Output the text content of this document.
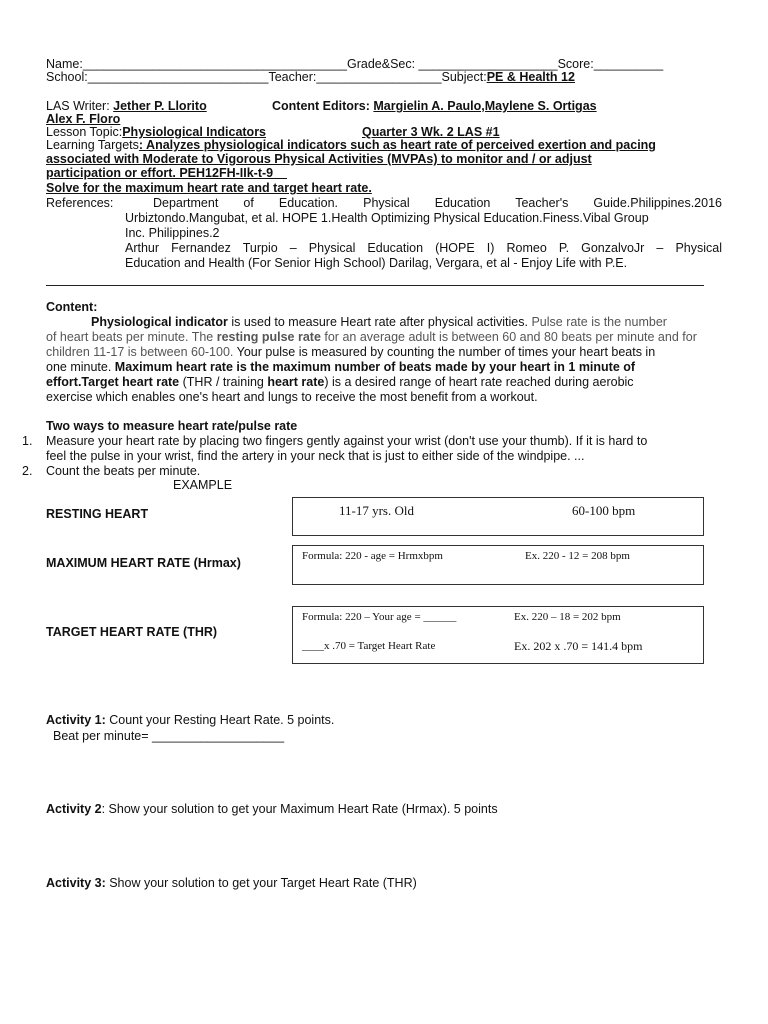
Name:______________________________________Grade&Sec: ____________________Score:__________
School:__________________________Teacher:__________________Subject:PE & Health 12
LAS Writer: Jether P. Llorito	Content Editors: Margielin A. Paulo,Maylene S. Ortigas
Alex F. Floro
Lesson Topic:Physiological Indicators	Quarter 3 Wk. 2 LAS #1
Learning Targets: Analyzes physiological indicators such as heart rate of perceived exertion and pacing
associated with Moderate to Vigorous Physical Activities (MVPAs) to monitor and / or adjust
participation or effort. PEH12FH-IIk-t-9
Solve for the maximum heart rate and target heart rate.
References:	Department of Education. Physical Education Teacher's Guide.Philippines.2016
Urbiztondo.Mangubat, et al. HOPE 1.Health Optimizing Physical Education.Finess.Vibal Group
Inc. Philippines.2
Arthur Fernandez Turpio – Physical Education (HOPE I) Romeo P. GonzalvoJr – Physical
Education and Health (For Senior High School) Darilag, Vergara, et al - Enjoy Life with P.E.
Content:
Physiological indicator is used to measure Heart rate after physical activities. Pulse rate is the number
of heart beats per minute. The resting pulse rate for an average adult is between 60 and 80 beats per minute and for
children 11-17 is between 60-100. Your pulse is measured by counting the number of times your heart beats in
one minute. Maximum heart rate is the maximum number of beats made by your heart in 1 minute of
effort.Target heart rate (THR / training heart rate) is a desired range of heart rate reached during aerobic
exercise which enables one's heart and lungs to receive the most benefit from a workout.
Two ways to measure heart rate/pulse rate
1. Measure your heart rate by placing two fingers gently against your wrist (don't use your thumb). If it is hard to
feel the pulse in your wrist, find the artery in your neck that is just to either side of the windpipe. ...
2. Count the beats per minute.
EXAMPLE
RESTING HEART	11-17 yrs. Old	60-100 bpm
MAXIMUM HEART RATE (Hrmax)	Formula: 220 - age = Hrmxbpm	Ex. 220 - 12 = 208 bpm
TARGET HEART RATE (THR)
Formula: 220 – Your age = ______	Ex. 220 – 18 = 202 bpm
____x .70 = Target Heart Rate	Ex. 202 x .70 = 141.4 bpm
Activity 1: Count your Resting Heart Rate. 5 points.
Beat per minute= ___________________
Activity 2: Show your solution to get your Maximum Heart Rate (Hrmax). 5 points
Activity 3: Show your solution to get your Target Heart Rate (THR)
